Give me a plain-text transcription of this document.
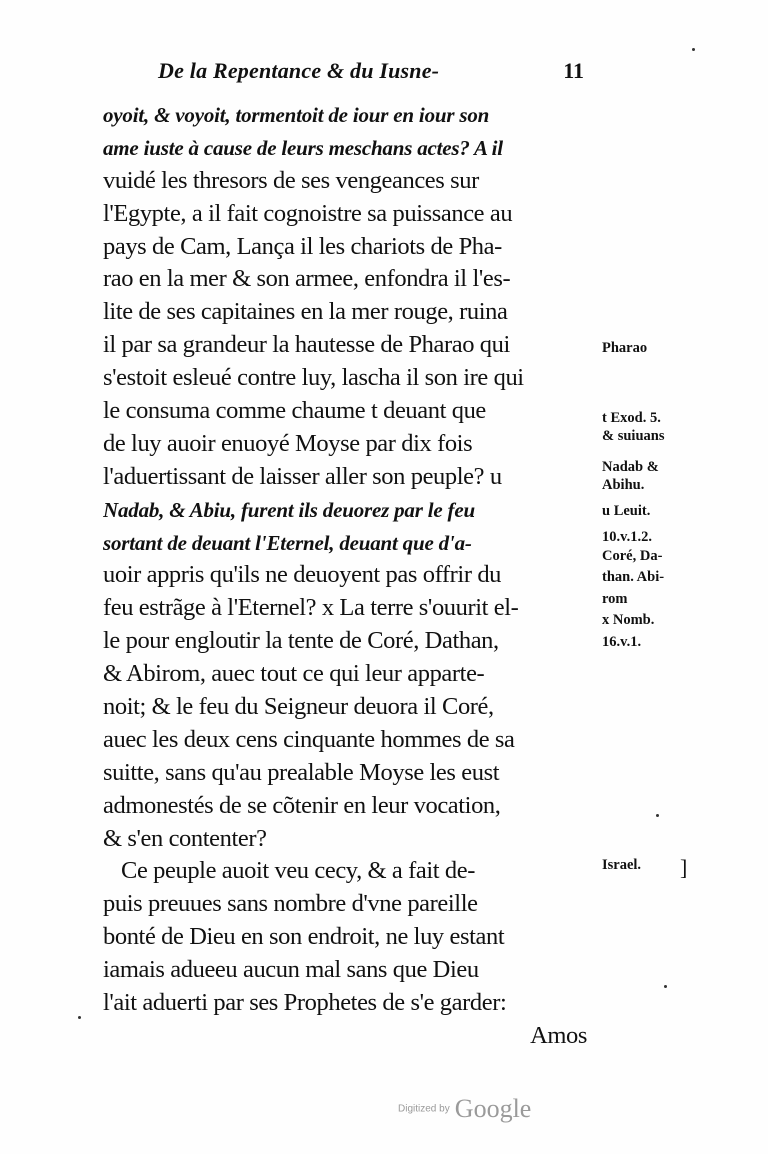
De la Repentance & du Iusne-	11
oyoit, & voyoit, tormentoit de iour en iour son
ame iuste à cause de leurs meschans actes? A il
vuidé les thresors de ses vengeances sur
l'Egypte, a il fait cognoistre sa puissance au
pays de Cam, Lança il les chariots de Pha-
rao en la mer & son armee, enfondra il l'es-
lite de ses capitaines en la mer rouge, ruina
il par sa grandeur la hautesse de Pharao qui
s'estoit esleué contre luy, lascha il son ire qui
le consuma comme chaume t deuant que
de luy auoir enuoyé Moyse par dix fois
l'aduertissant de laisser aller son peuple? u
Nadab, & Abiu, furent ils deuorez par le feu
sortant de deuant l'Eternel, deuant que d'a-
uoir appris qu'ils ne deuoyent pas offrir du
feu estrãge à l'Eternel? x La terre s'ouurit el-
le pour engloutir la tente de Coré, Dathan,
& Abirom, auec tout ce qui leur apparte-
noit; & le feu du Seigneur deuora il Coré,
auec les deux cens cinquante hommes de sa
suitte, sans qu'au prealable Moyse les eust
admonestés de se cõtenir en leur vocation,
& s'en contenter?
Ce peuple auoit veu cecy, & a fait de-
puis preuues sans nombre d'vne pareille
bonté de Dieu en son endroit, ne luy estant
iamais adueeu aucun mal sans que Dieu
l'ait aduerti par ses Prophetes de s'e garder:
Amos
Pharao
t Exod. 5.
& suiuans
Nadab &
Abihu.
u Leuit.
10.v.1.2.
Coré, Da-
than. Abi-
rom
x Nomb.
16.v.1.
Israel. ]
Digitized by Google
